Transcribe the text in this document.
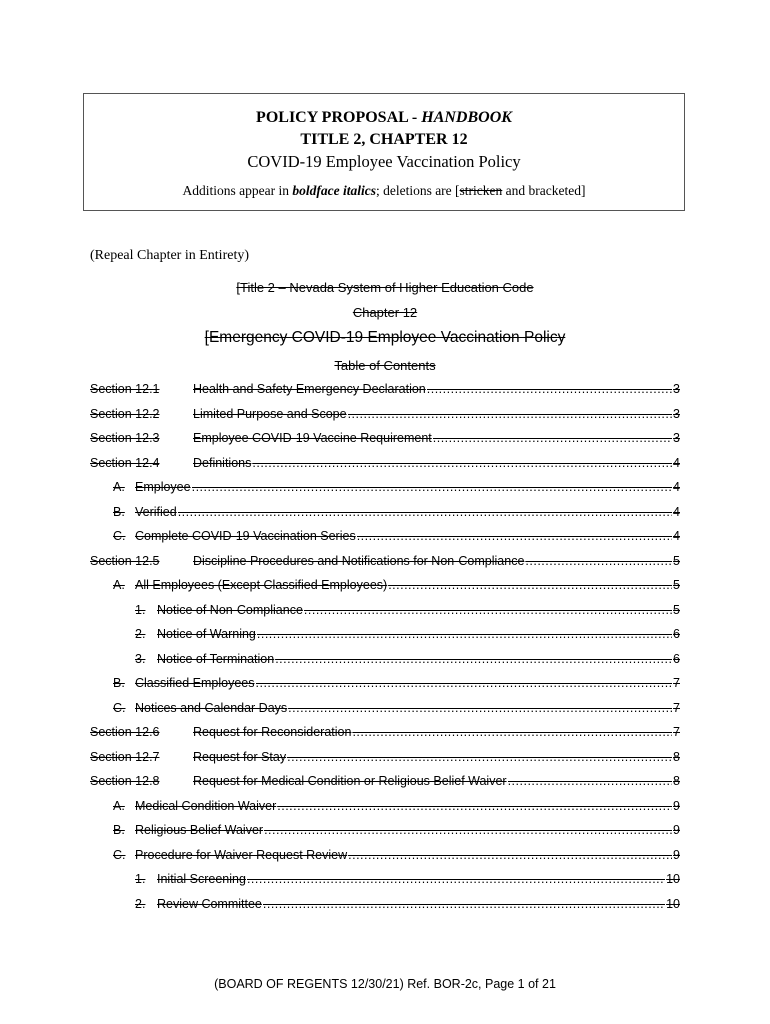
POLICY PROPOSAL - HANDBOOK
TITLE 2, CHAPTER 12
COVID-19 Employee Vaccination Policy
Additions appear in boldface italics; deletions are [stricken and bracketed]
(Repeal Chapter in Entirety)
[Title 2 – Nevada System of Higher Education Code
Chapter 12
[Emergency COVID-19 Employee Vaccination Policy
Table of Contents
Section 12.1	Health and Safety Emergency Declaration .....	3
Section 12.2	Limited Purpose and Scope .....	3
Section 12.3	Employee COVID-19 Vaccine Requirement .....	3
Section 12.4	Definitions .....	4
A. Employee .....	4
B. Verified .....	4
C. Complete COVID-19 Vaccination Series .....	4
Section 12.5	Discipline Procedures and Notifications for Non-Compliance .....	5
A. All Employees (Except Classified Employees) .....	5
1. Notice of Non-Compliance .....	5
2. Notice of Warning .....	6
3. Notice of Termination .....	6
B. Classified Employees .....	7
C. Notices and Calendar Days .....	7
Section 12.6	Request for Reconsideration .....	7
Section 12.7	Request for Stay .....	8
Section 12.8	Request for Medical Condition or Religious Belief Waiver .....	8
A. Medical Condition Waiver .....	9
B. Religious Belief Waiver .....	9
C. Procedure for Waiver Request Review .....	9
1. Initial Screening .....	10
2. Review Committee .....	10
(BOARD OF REGENTS 12/30/21) Ref. BOR-2c, Page 1 of 21
